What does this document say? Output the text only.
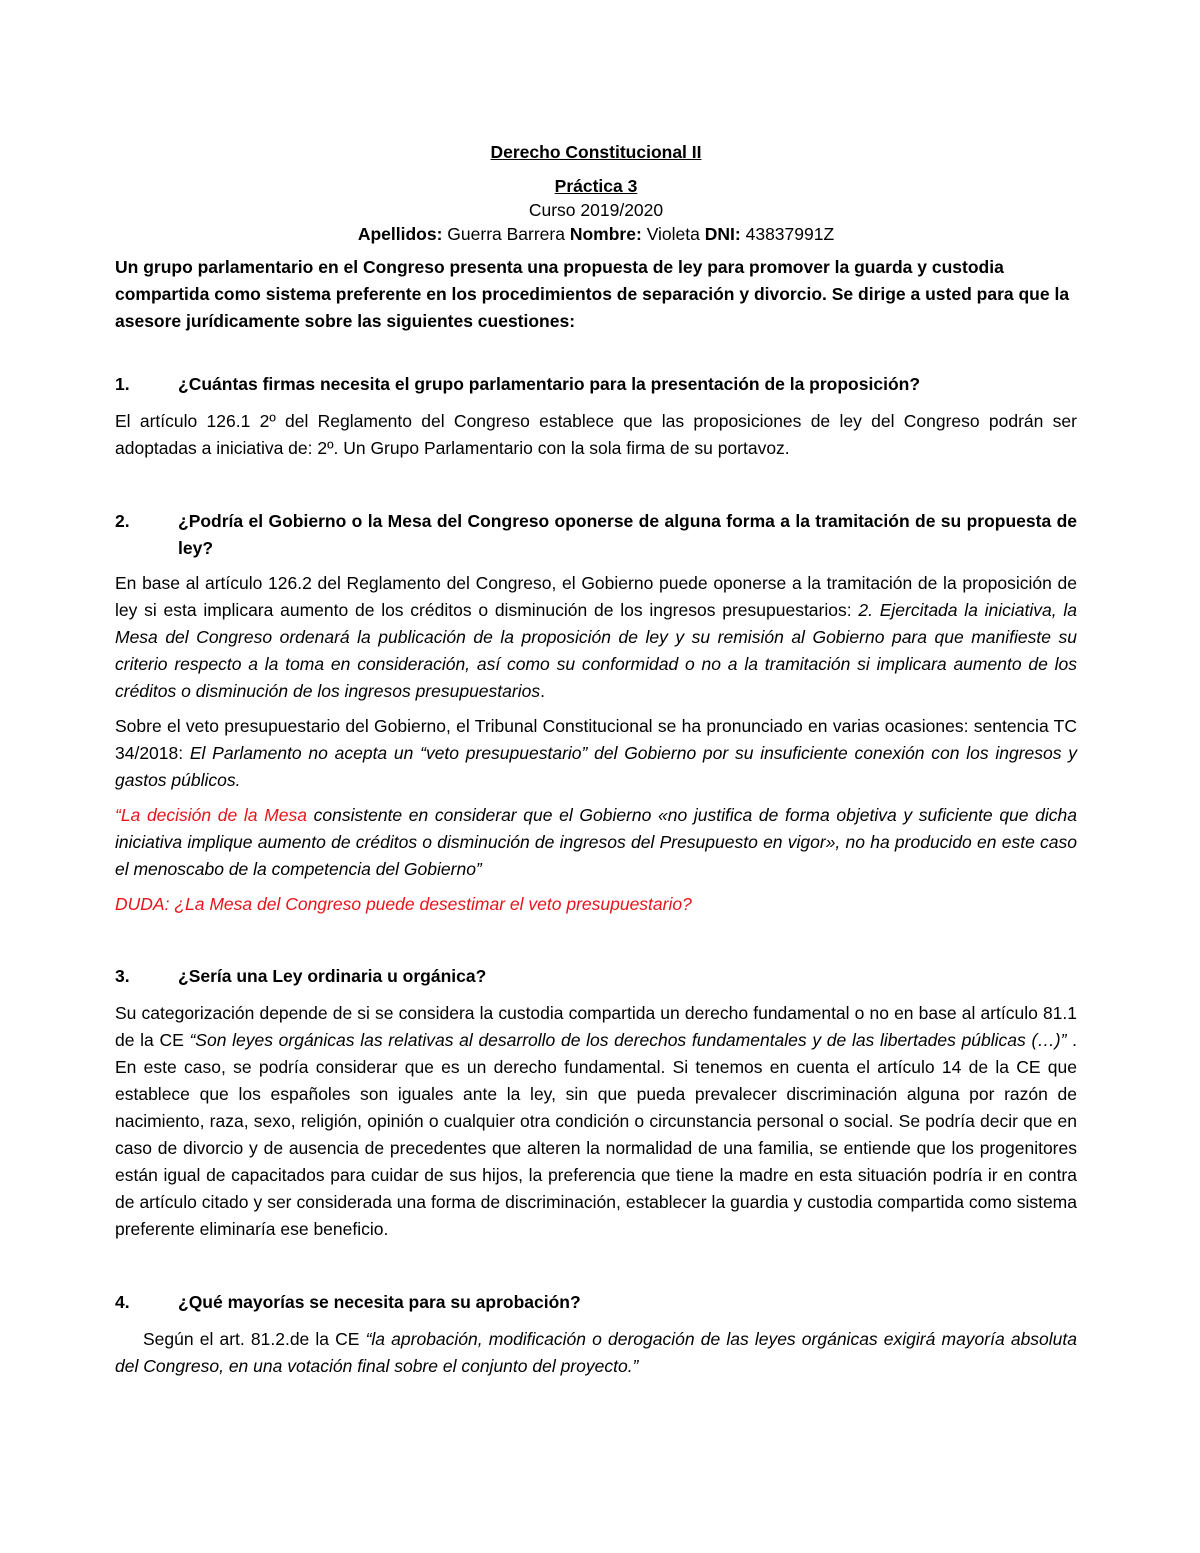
Derecho Constitucional II

Práctica 3

Curso 2019/2020

Apellidos: Guerra Barrera Nombre: Violeta DNI: 43837991Z

Un grupo parlamentario en el Congreso presenta una propuesta de ley para promover la guarda y custodia compartida como sistema preferente en los procedimientos de separación y divorcio. Se dirige a usted para que la asesore jurídicamente sobre las siguientes cuestiones:

1.	¿Cuántas firmas necesita el grupo parlamentario para la presentación de la proposición?

El artículo 126.1 2º del Reglamento del Congreso establece que las proposiciones de ley del Congreso podrán ser adoptadas a iniciativa de: 2º. Un Grupo Parlamentario con la sola firma de su portavoz.

2.	¿Podría el Gobierno o la Mesa del Congreso oponerse de alguna forma a la tramitación de su propuesta de ley?

En base al artículo 126.2 del Reglamento del Congreso, el Gobierno puede oponerse a la tramitación de la proposición de ley si esta implicara aumento de los créditos o disminución de los ingresos presupuestarios: 2. Ejercitada la iniciativa, la Mesa del Congreso ordenará la publicación de la proposición de ley y su remisión al Gobierno para que manifieste su criterio respecto a la toma en consideración, así como su conformidad o no a la tramitación si implicara aumento de los créditos o disminución de los ingresos presupuestarios.

Sobre el veto presupuestario del Gobierno, el Tribunal Constitucional se ha pronunciado en varias ocasiones: sentencia TC 34/2018: El Parlamento no acepta un “veto presupuestario” del Gobierno por su insuficiente conexión con los ingresos y gastos públicos.

“La decisión de la Mesa consistente en considerar que el Gobierno «no justifica de forma objetiva y suficiente que dicha iniciativa implique aumento de créditos o disminución de ingresos del Presupuesto en vigor», no ha producido en este caso el menoscabo de la competencia del Gobierno”

DUDA: ¿La Mesa del Congreso puede desestimar el veto presupuestario?

3.	¿Sería una Ley ordinaria u orgánica?

Su categorización depende de si se considera la custodia compartida un derecho fundamental o no en base al artículo 81.1 de la CE “Son leyes orgánicas las relativas al desarrollo de los derechos fundamentales y de las libertades públicas (…)” . En este caso, se podría considerar que es un derecho fundamental. Si tenemos en cuenta el artículo 14 de la CE que establece que los españoles son iguales ante la ley, sin que pueda prevalecer discriminación alguna por razón de nacimiento, raza, sexo, religión, opinión o cualquier otra condición o circunstancia personal o social. Se podría decir que en caso de divorcio y de ausencia de precedentes que alteren la normalidad de una familia, se entiende que los progenitores están igual de capacitados para cuidar de sus hijos, la preferencia que tiene la madre en esta situación podría ir en contra de artículo citado y ser considerada una forma de discriminación, establecer la guardia y custodia compartida como sistema preferente eliminaría ese beneficio.

4.	¿Qué mayorías se necesita para su aprobación?

Según el art. 81.2.de la CE “la aprobación, modificación o derogación de las leyes orgánicas exigirá mayoría absoluta del Congreso, en una votación final sobre el conjunto del proyecto.”
